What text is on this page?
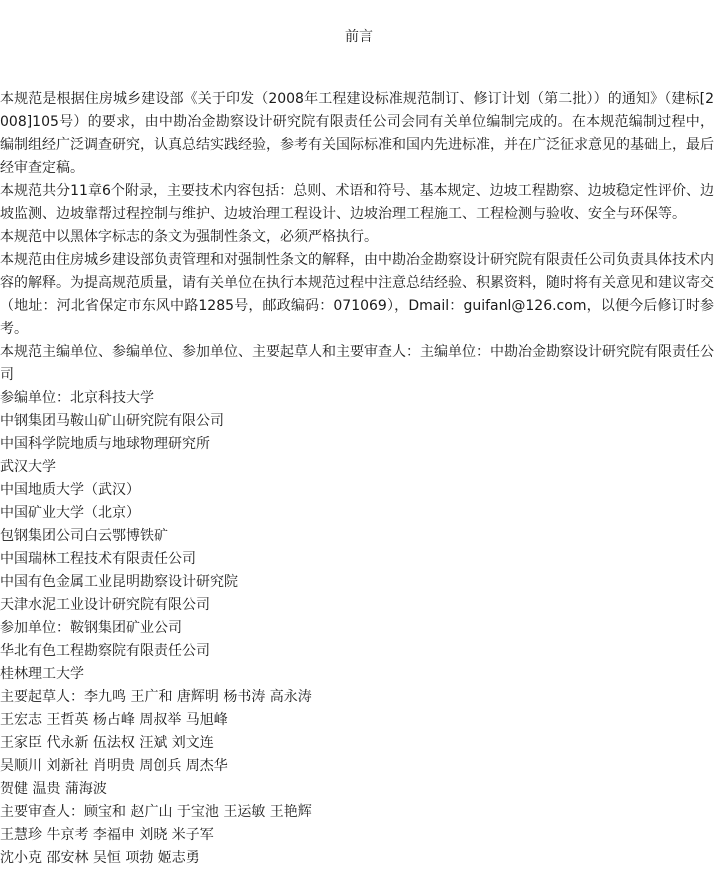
前言

本规范是根据住房城乡建设部《关于印发（2008年工程建设标准规范制订、修订计划（第二批））的通知》（建标[2008]105号）的要求，由中勘冶金勘察设计研究院有限责任公司会同有关单位编制完成的。在本规范编制过程中，编制组经广泛调查研究，认真总结实践经验，参考有关国际标准和国内先进标准，并在广泛征求意见的基础上，最后经审查定稿。

本规范共分11章6个附录，主要技术内容包括：总则、术语和符号、基本规定、边坡工程勘察、边坡稳定性评价、边坡监测、边坡靠帮过程控制与维护、边坡治理工程设计、边坡治理工程施工、工程检测与验收、安全与环保等。

本规范中以黑体字标志的条文为强制性条文，必须严格执行。

本规范由住房城乡建设部负责管理和对强制性条文的解释，由中勘冶金勘察设计研究院有限责任公司负责具体技术内容的解释。为提高规范质量，请有关单位在执行本规范过程中注意总结经验、积累资料，随时将有关意见和建议寄交（地址：河北省保定市东风中路1285号，邮政编码：071069），Dmail：guifanl@126.com，以便今后修订时参考。

本规范主编单位、参编单位、参加单位、主要起草人和主要审查人：主编单位：中勘冶金勘察设计研究院有限责任公司

参编单位：北京科技大学

中钢集团马鞍山矿山研究院有限公司

中国科学院地质与地球物理研究所

武汉大学

中国地质大学（武汉）

中国矿业大学（北京）

包钢集团公司白云鄂博铁矿

中国瑞林工程技术有限责任公司

中国有色金属工业昆明勘察设计研究院

天津水泥工业设计研究院有限公司

参加单位：鞍钢集团矿业公司

华北有色工程勘察院有限责任公司

桂林理工大学

主要起草人：李九鸣 王广和 唐辉明 杨书涛 高永涛

王宏志 王哲英 杨占峰 周叔举 马旭峰

王家臣 代永新 伍法权 汪斌 刘文连

吴顺川 刘新社 肖明贵 周创兵 周杰华

贺健 温贵 蒲海波

主要审查人：顾宝和 赵广山 于宝池 王运敏 王艳辉

王慧珍 牛京考 李福申 刘晓 米子军

沈小克 邵安林 吴恒 项勃 姬志勇
